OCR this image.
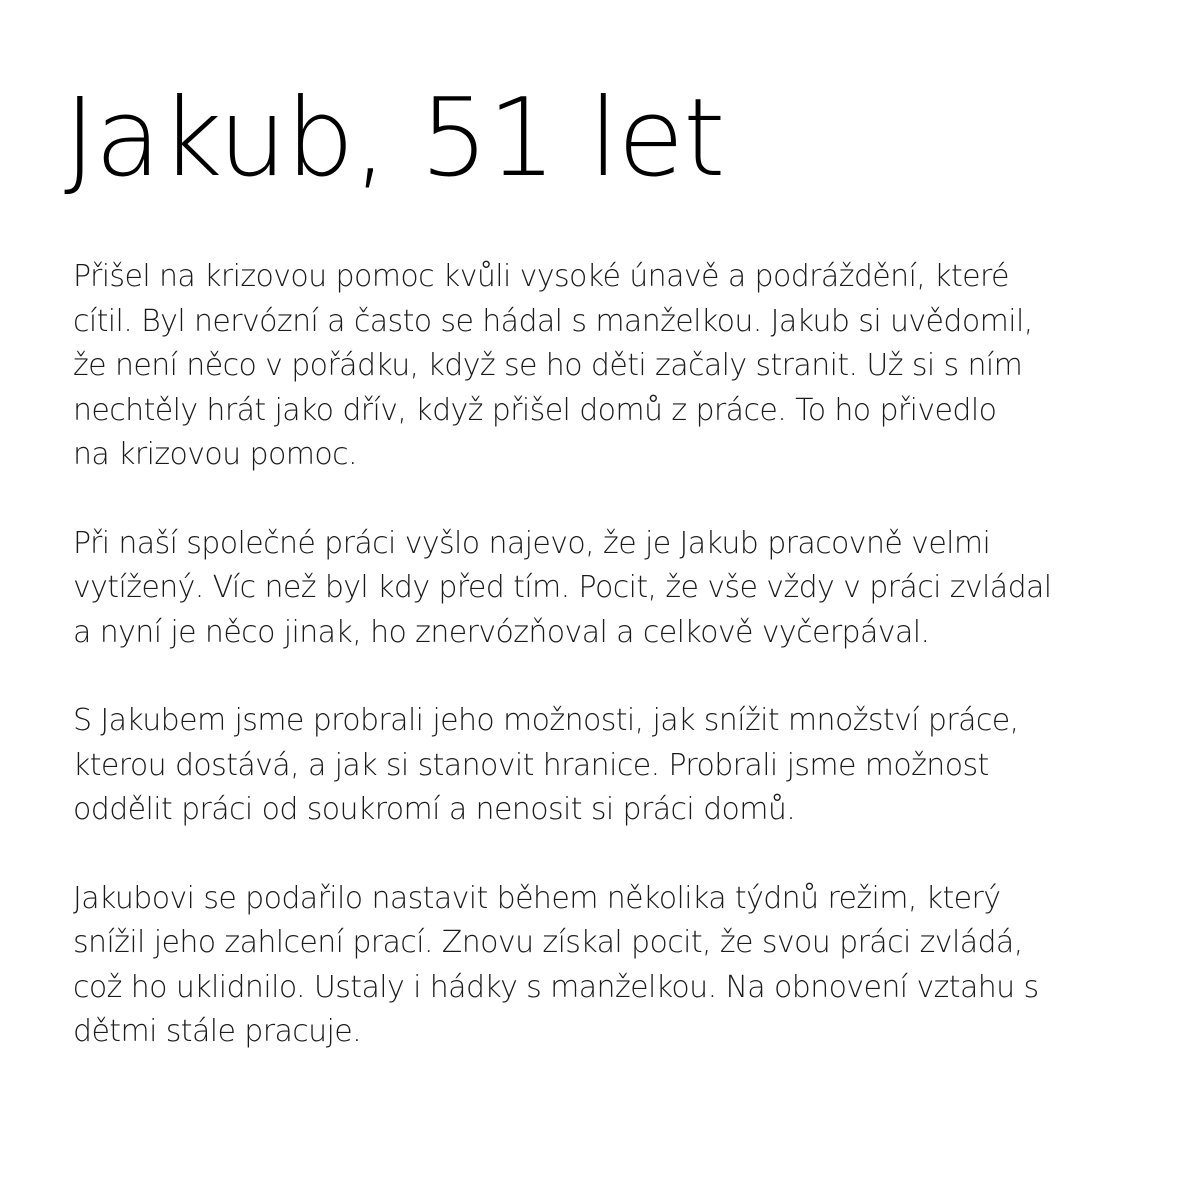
Jakub, 51 let

Přišel na krizovou pomoc kvůli vysoké únavě a podráždění, které
cítil. Byl nervózní a často se hádal s manželkou. Jakub si uvědomil,
že není něco v pořádku, když se ho děti začaly stranit. Už si s ním
nechtěly hrát jako dřív, když přišel domů z práce. To ho přivedlo
na krizovou pomoc.

Při naší společné práci vyšlo najevo, že je Jakub pracovně velmi
vytížený. Víc než byl kdy před tím. Pocit, že vše vždy v práci zvládal
a nyní je něco jinak, ho znervózňoval a celkově vyčerpával.

S Jakubem jsme probrali jeho možnosti, jak snížit množství práce,
kterou dostává, a jak si stanovit hranice. Probrali jsme možnost
oddělit práci od soukromí a nenosit si práci domů.

Jakubovi se podařilo nastavit během několika týdnů režim, který
snížil jeho zahlcení prací. Znovu získal pocit, že svou práci zvládá,
což ho uklidnilo. Ustaly i hádky s manželkou. Na obnovení vztahu s
dětmi stále pracuje.
